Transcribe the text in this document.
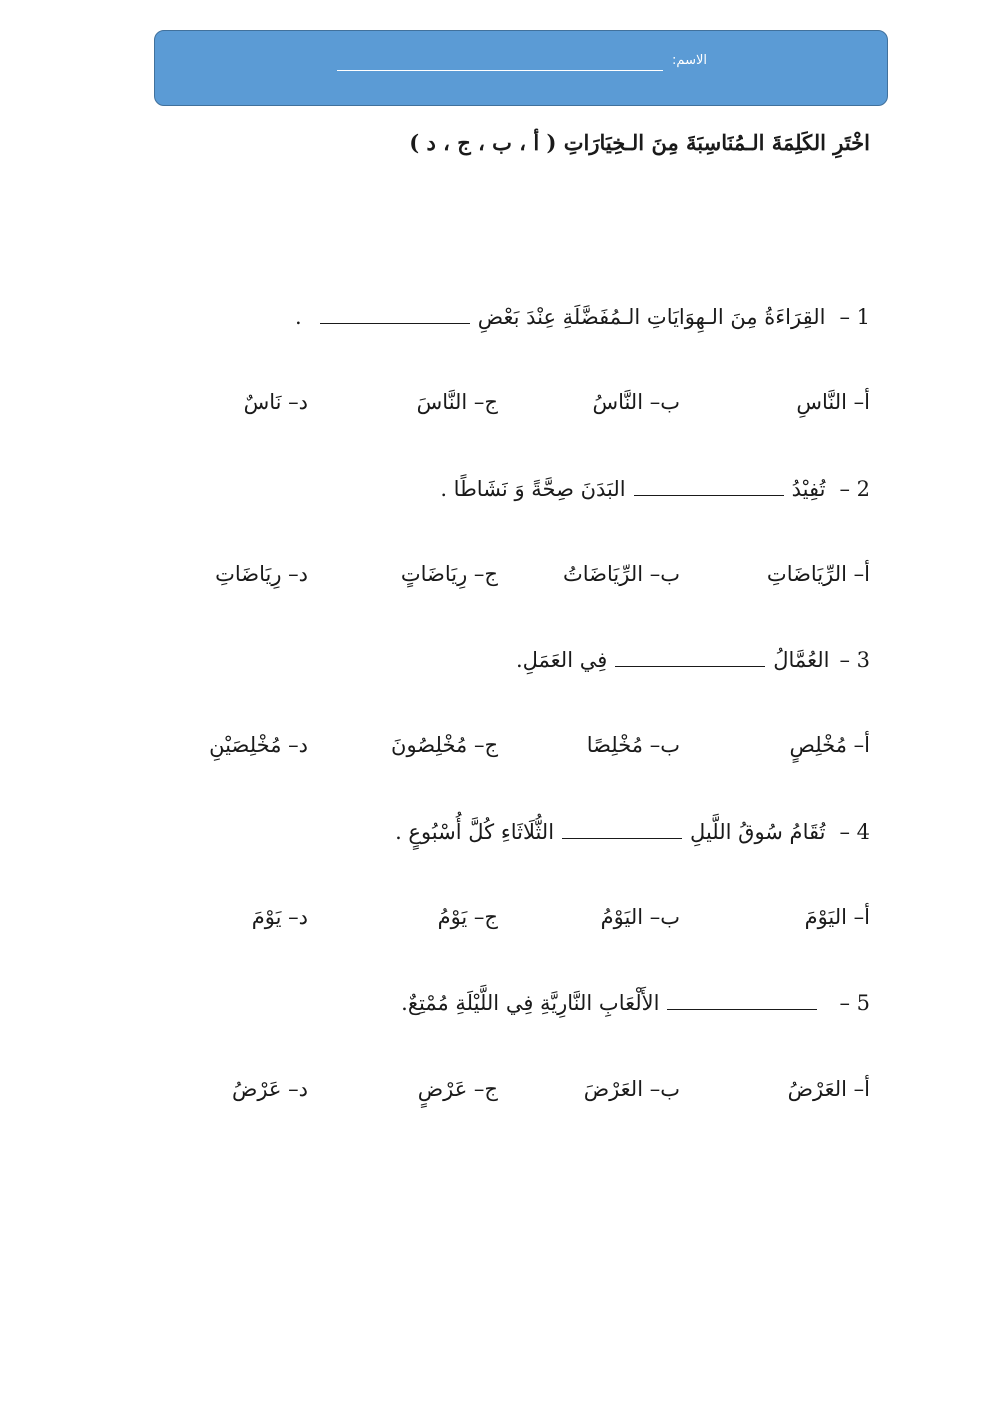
الاسم:
اخْتَرِ الكَلِمَةَ الـمُنَاسِبَةَ مِنَ الـخِيَارَاتِ ( أ ، ب ، ج ، د )
1 –
القِرَاءَةُ مِنَ الـهِوَايَاتِ الـمُفَضَّلَةِ عِنْدَ بَعْضِ
.
أ– النَّاسِ
ب– النَّاسُ
ج– النَّاسَ
د– نَاسٌ
2 –
تُفِيْدُ
البَدَنَ صِحَّةً وَ نَشَاطًا .
أ– الرِّيَاضَاتِ
ب– الرِّيَاضَاتُ
ج– رِيَاضَاتٍ
د– رِيَاضَاتِ
3 –
العُمَّالُ
فِي العَمَلِ.
أ– مُخْلِصٍ
ب– مُخْلِصًا
ج– مُخْلِصُونَ
د– مُخْلِصَيْنِ
4 –
تُقَامُ سُوقُ اللَّيلِ
الثُّلَاثَاءِ كُلَّ أُسْبُوعٍ .
أ– اليَوْمَ
ب– اليَوْمُ
ج– يَوْمُ
د– يَوْمَ
5 –
الأَلْعَابِ النَّارِيَّةِ فِي اللَّيْلَةِ مُمْتِعٌ.
أ– العَرْضُ
ب– العَرْضَ
ج– عَرْضٍ
د– عَرْضُ
